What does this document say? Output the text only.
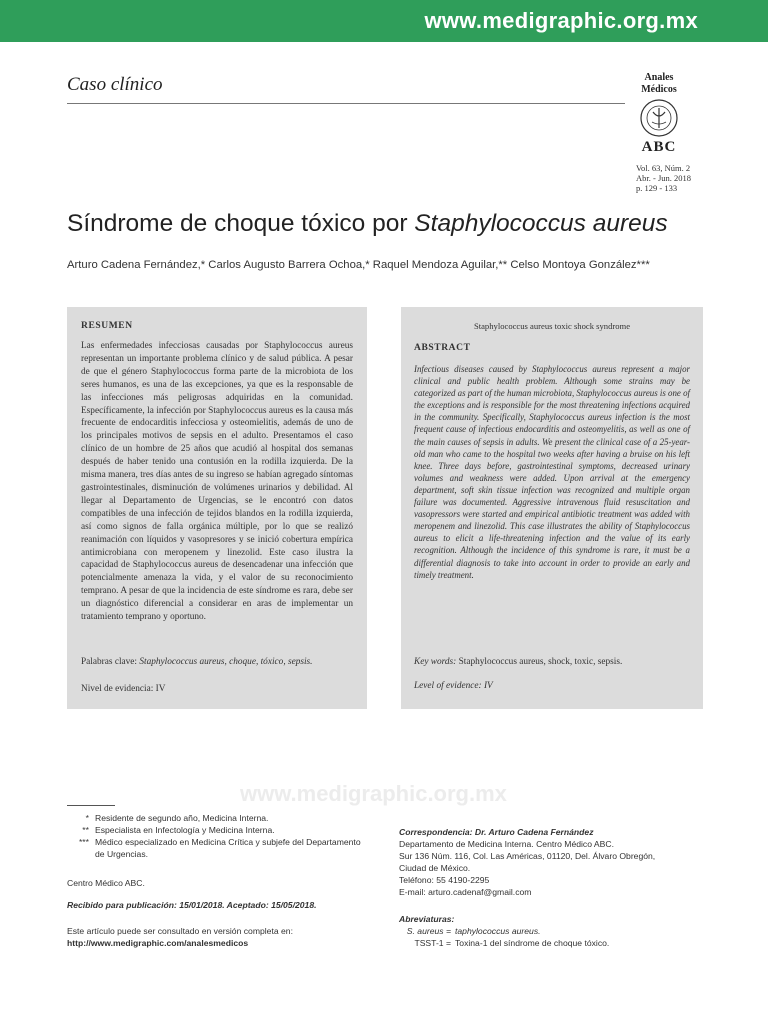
www.medigraphic.org.mx
Caso clínico	Anales
Médicos
ABC
Vol. 63, Núm. 2
Abr. - Jun. 2018
p. 129 - 133
Síndrome de choque tóxico por Staphylococcus aureus
Arturo Cadena Fernández,* Carlos Augusto Barrera Ochoa,* Raquel Mendoza Aguilar,** Celso Montoya González***
RESUMEN
Las enfermedades infecciosas causadas por Staphylococcus aureus representan un importante problema clínico y de salud pública. A pesar de que el género Staphylococcus forma parte de la microbiota de los seres humanos, es una de las excepciones, ya que es la responsable de las infecciones más peligrosas adquiridas en la comunidad. Específicamente, la infección por Staphylococcus aureus es la causa más frecuente de endocarditis infecciosa y osteomielitis, además de uno de los principales motivos de sepsis en el adulto. Presentamos el caso clínico de un hombre de 25 años que acudió al hospital dos semanas después de haber tenido una contusión en la rodilla izquierda. De la misma manera, tres días antes de su ingreso se habían agregado síntomas gastrointestinales, disminución de volúmenes urinarios y debilidad. Al llegar al Departamento de Urgencias, se le encontró con datos compatibles de una infección de tejidos blandos en la rodilla izquierda, así como signos de falla orgánica múltiple, por lo que se realizó reanimación con líquidos y vasopresores y se inició cobertura empírica antimicrobiana con meropenem y linezolid. Este caso ilustra la capacidad de Staphylococcus aureus de desencadenar una infección que potencialmente amenaza la vida, y el valor de su reconocimiento temprano. A pesar de que la incidencia de este síndrome es rara, debe ser un diagnóstico diferencial a considerar en aras de implementar un tratamiento temprano y oportuno.
Palabras clave: Staphylococcus aureus, choque, tóxico, sepsis.
Nivel de evidencia: IV
Staphylococcus aureus toxic shock syndrome
ABSTRACT
Infectious diseases caused by Staphylococcus aureus represent a major clinical and public health problem. Although some strains may be categorized as part of the human microbiota, Staphylococcus aureus is one of the exceptions and is responsible for the most threatening infections acquired in the community. Specifically, Staphylococcus aureus infection is the most frequent cause of infectious endocarditis and osteomyelitis, as well as one of the main causes of sepsis in adults. We present the clinical case of a 25-year-old man who came to the hospital two weeks after having a bruise on his left knee. Three days before, gastrointestinal symptoms, decreased urinary volumes and weakness were added. Upon arrival at the emergency department, soft skin tissue infection was recognized and multiple organ failure was documented. Aggressive intravenous fluid resuscitation and vasopressors were started and empirical antibiotic treatment was added with meropenem and linezolid. This case illustrates the ability of Staphylococcus aureus to elicit a life-threatening infection and the value of its early recognition. Although the incidence of this syndrome is rare, it must be a differential diagnosis to take into account in order to provide an early and timely treatment.
Key words: Staphylococcus aureus, shock, toxic, sepsis.
Level of evidence: IV
www.medigraphic.org.mx
* Residente de segundo año, Medicina Interna.
** Especialista en Infectología y Medicina Interna.
*** Médico especializado en Medicina Crítica y subjefe del Departamento de Urgencias.
Centro Médico ABC.
Recibido para publicación: 15/01/2018. Aceptado: 15/05/2018.
Este artículo puede ser consultado en versión completa en:
http://www.medigraphic.com/analesmedicos
Correspondencia: Dr. Arturo Cadena Fernández
Departamento de Medicina Interna. Centro Médico ABC.
Sur 136 Núm. 116, Col. Las Américas, 01120, Del. Álvaro Obregón,
Ciudad de México.
Teléfono: 55 4190-2295
E-mail: arturo.cadenaf@gmail.com
Abreviaturas:
S. aureus = taphylococcus aureus.
TSST-1 = Toxina-1 del síndrome de choque tóxico.
